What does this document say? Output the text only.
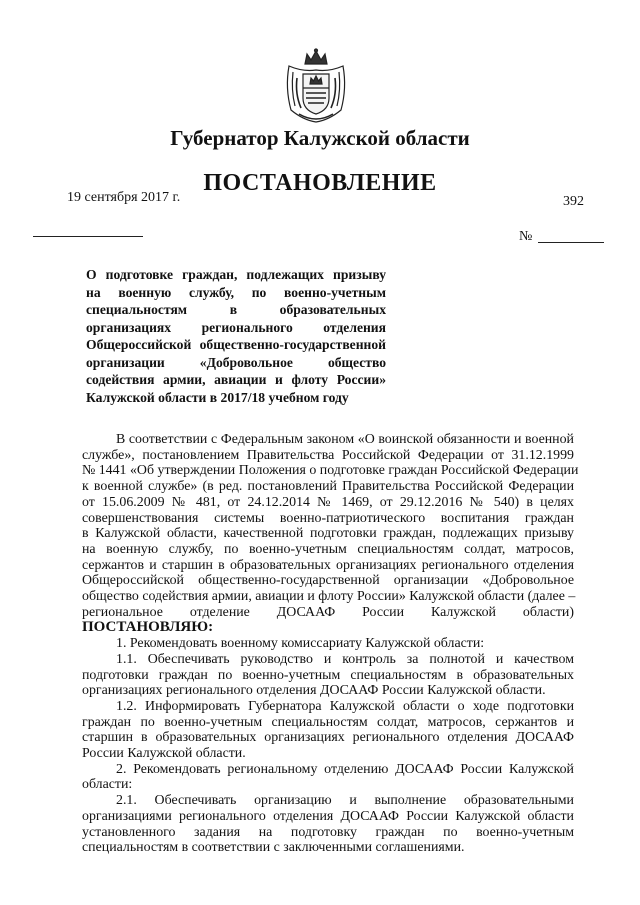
Губернатор Калужской области
ПОСТАНОВЛЕНИЕ
19 сентября 2017 г.	392
№
О подготовке граждан, подлежащих призыву
на военную службу, по военно-учетным
специальностям в образовательных
организациях регионального отделения
Общероссийской общественно-государственной
организации «Добровольное общество
содействия армии, авиации и флоту России»
Калужской области в 2017/18 учебном году
В соответствии с Федеральным законом «О воинской обязанности и военной
службе», постановлением Правительства Российской Федерации от 31.12.1999
№ 1441 «Об утверждении Положения о подготовке граждан Российской Федерации
к военной службе» (в ред. постановлений Правительства Российской Федерации
от 15.06.2009 № 481, от 24.12.2014 № 1469, от 29.12.2016 № 540) в целях
совершенствования системы военно-патриотического воспитания граждан
в Калужской области, качественной подготовки граждан, подлежащих призыву
на военную службу, по военно-учетным специальностям солдат, матросов,
сержантов и старшин в образовательных организациях регионального отделения
Общероссийской общественно-государственной организации «Добровольное
общество содействия армии, авиации и флоту России» Калужской области (далее –
региональное отделение ДОСААФ России Калужской области)
ПОСТАНОВЛЯЮ:
1. Рекомендовать военному комиссариату Калужской области:
1.1. Обеспечивать руководство и контроль за полнотой и качеством
подготовки граждан по военно-учетным специальностям в образовательных
организациях регионального отделения ДОСААФ России Калужской области.
1.2. Информировать Губернатора Калужской области о ходе подготовки
граждан по военно-учетным специальностям солдат, матросов, сержантов и
старшин в образовательных организациях регионального отделения ДОСААФ
России Калужской области.
2. Рекомендовать региональному отделению ДОСААФ России Калужской
области:
2.1. Обеспечивать организацию и выполнение образовательными
организациями регионального отделения ДОСААФ России Калужской области
установленного задания на подготовку граждан по военно-учетным
специальностям в соответствии с заключенными соглашениями.
